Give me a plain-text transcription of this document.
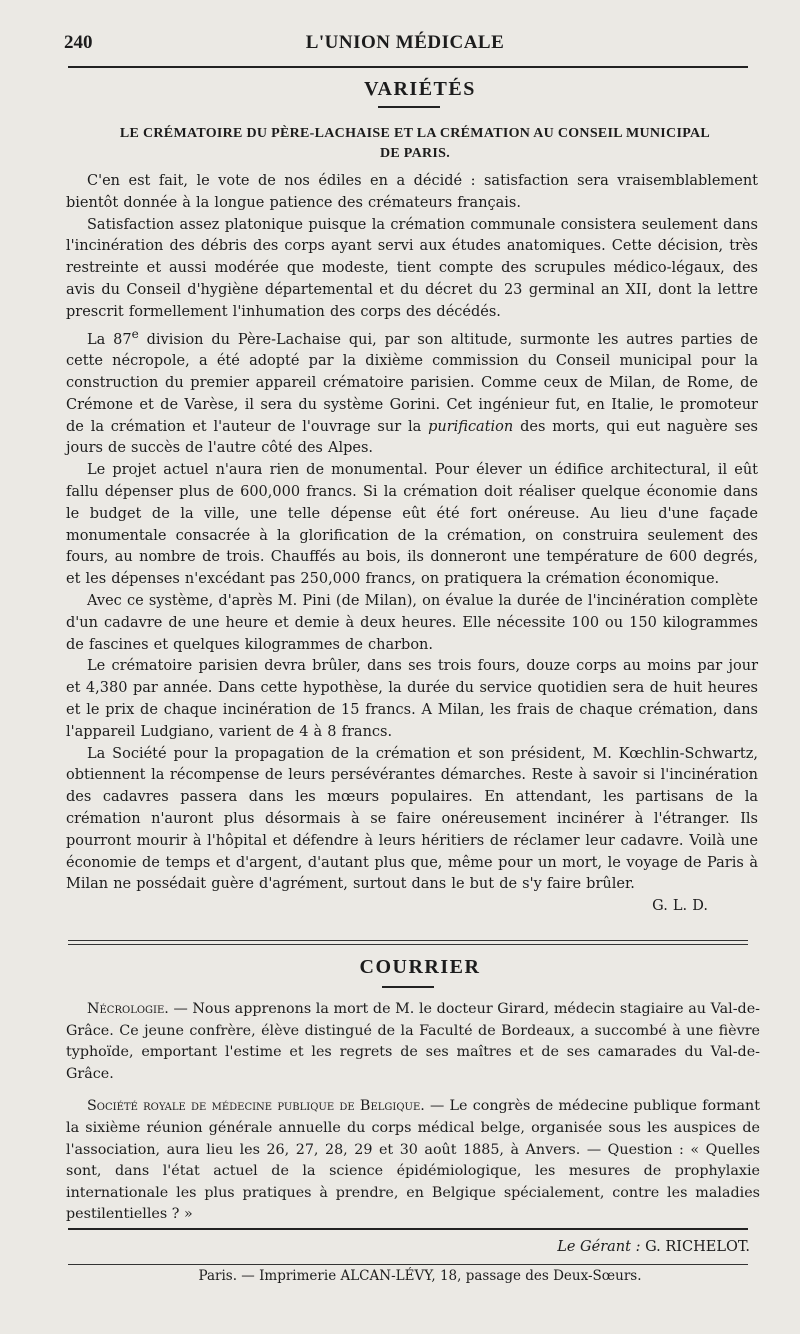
240	L'UNION MÉDICALE
VARIÉTÉS
LE CRÉMATOIRE DU PÈRE-LACHAISE ET LA CRÉMATION AU CONSEIL MUNICIPAL
DE PARIS.

C'en est fait, le vote de nos édiles en a décidé : satisfaction sera vraisemblablement bientôt donnée à la longue patience des crémateurs français.

Satisfaction assez platonique puisque la crémation communale consistera seulement dans l'incinération des débris des corps ayant servi aux études anatomiques. Cette décision, très restreinte et aussi modérée que modeste, tient compte des scrupules médico-légaux, des avis du Conseil d'hygiène départemental et du décret du 23 germinal an XII, dont la lettre prescrit formellement l'inhumation des corps des décédés.

La 87e division du Père-Lachaise qui, par son altitude, surmonte les autres parties de cette nécropole, a été adopté par la dixième commission du Conseil municipal pour la construction du premier appareil crématoire parisien. Comme ceux de Milan, de Rome, de Crémone et de Varèse, il sera du système Gorini. Cet ingénieur fut, en Italie, le promoteur de la crémation et l'auteur de l'ouvrage sur la purification des morts, qui eut naguère ses jours de succès de l'autre côté des Alpes.

Le projet actuel n'aura rien de monumental. Pour élever un édifice architectural, il eût fallu dépenser plus de 600,000 francs. Si la crémation doit réaliser quelque économie dans le budget de la ville, une telle dépense eût été fort onéreuse. Au lieu d'une façade monumentale consacrée à la glorification de la crémation, on construira seulement des fours, au nombre de trois. Chauffés au bois, ils donneront une température de 600 degrés, et les dépenses n'excédant pas 250,000 francs, on pratiquera la crémation économique.

Avec ce système, d'après M. Pini (de Milan), on évalue la durée de l'incinération complète d'un cadavre de une heure et demie à deux heures. Elle nécessite 100 ou 150 kilogrammes de fascines et quelques kilogrammes de charbon.

Le crématoire parisien devra brûler, dans ses trois fours, douze corps au moins par jour et 4,380 par année. Dans cette hypothèse, la durée du service quotidien sera de huit heures et le prix de chaque incinération de 15 francs. A Milan, les frais de chaque crémation, dans l'appareil Ludgiano, varient de 4 à 8 francs.

La Société pour la propagation de la crémation et son président, M. Kœchlin-Schwartz, obtiennent la récompense de leurs persévérantes démarches. Reste à savoir si l'incinération des cadavres passera dans les mœurs populaires. En attendant, les partisans de la crémation n'auront plus désormais à se faire onéreusement incinérer à l'étranger. Ils pourront mourir à l'hôpital et défendre à leurs héritiers de réclamer leur cadavre. Voilà une économie de temps et d'argent, d'autant plus que, même pour un mort, le voyage de Paris à Milan ne possédait guère d'agrément, surtout dans le but de s'y faire brûler.

G. L. D.

COURRIER

Nécrologie. — Nous apprenons la mort de M. le docteur Girard, médecin stagiaire au Val-de-Grâce. Ce jeune confrère, élève distingué de la Faculté de Bordeaux, a succombé à une fièvre typhoïde, emportant l'estime et les regrets de ses maîtres et de ses camarades du Val-de-Grâce.

Société royale de médecine publique de Belgique. — Le congrès de médecine publique formant la sixième réunion générale annuelle du corps médical belge, organisée sous les auspices de l'association, aura lieu les 26, 27, 28, 29 et 30 août 1885, à Anvers. — Question : « Quelles sont, dans l'état actuel de la science épidémiologique, les mesures de prophylaxie internationale les plus pratiques à prendre, en Belgique spécialement, contre les maladies pestilentielles ? »

Le Gérant : G. RICHELOT.
Paris. — Imprimerie ALCAN-LÉVY, 18, passage des Deux-Sœurs.
